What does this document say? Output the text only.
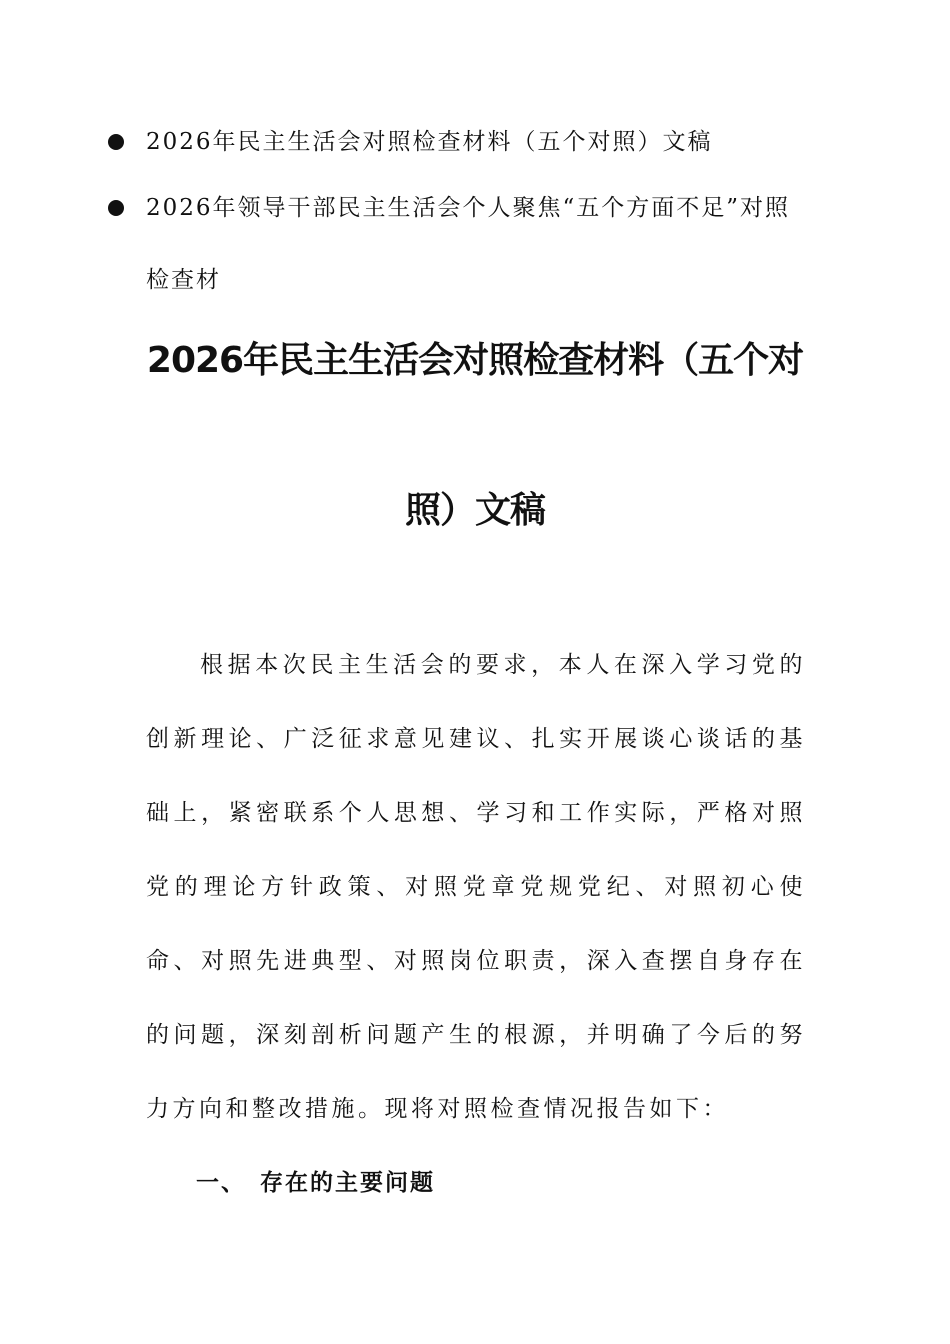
2026年民主生活会对照检查材料（五个对照）文稿
2026年领导干部民主生活会个人聚焦“五个方面不足”对照检查材
2026年民主生活会对照检查材料（五个对
照）文稿
根据本次民主生活会的要求，本人在深入学习党的创新理论、广泛征求意见建议、扎实开展谈心谈话的基础上，紧密联系个人思想、学习和工作实际，严格对照党的理论方针政策、对照党章党规党纪、对照初心使命、对照先进典型、对照岗位职责，深入查摆自身存在的问题，深刻剖析问题产生的根源，并明确了今后的努力方向和整改措施。现将对照检查情况报告如下：
一、 存在的主要问题
